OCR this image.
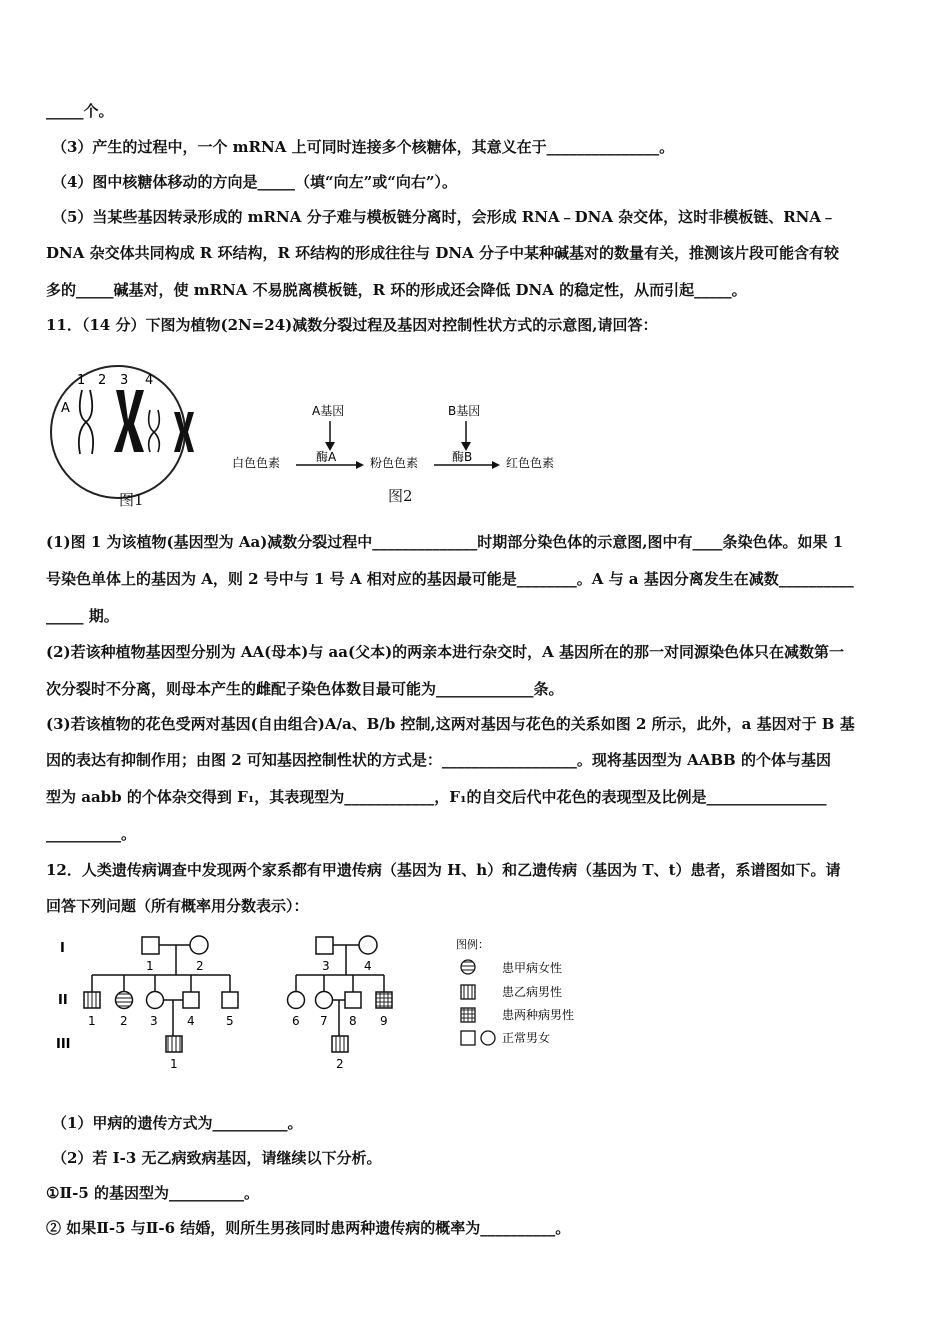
_____个。
（3）产生的过程中，一个 mRNA 上可同时连接多个核糖体，其意义在于_______________。
（4）图中核糖体移动的方向是_____（填“向左”或“向右”）。
（5）当某些基因转录形成的 mRNA 分子难与模板链分离时，会形成 RNA﹣DNA 杂交体，这时非模板链、RNA﹣
DNA 杂交体共同构成 R 环结构，R 环结构的形成往往与 DNA 分子中某种碱基对的数量有关，推测该片段可能含有较
多的_____碱基对，使 mRNA 不易脱离模板链，R 环的形成还会降低 DNA 的稳定性，从而引起_____。
11．（14 分）下图为植物(2N=24)减数分裂过程及基因对控制性状方式的示意图,请回答：
A
1 2 3 4
图1
A基因	B基因
白色色素	酶A	粉色色素	酶B	红色色素
图2
(1)图 1 为该植物(基因型为 Aa)减数分裂过程中______________时期部分染色体的示意图,图中有____条染色体。如果 1
号染色单体上的基因为 A，则 2 号中与 1 号 A 相对应的基因最可能是________。A 与 a 基因分离发生在减数__________
_____ 期。
(2)若该种植物基因型分别为 AA(母本)与 aa(父本)的两亲本进行杂交时，A 基因所在的那一对同源染色体只在减数第一
次分裂时不分离，则母本产生的雌配子染色体数目最可能为_____________条。
(3)若该植物的花色受两对基因(自由组合)A/a、B/b 控制,这两对基因与花色的关系如图 2 所示，此外，a 基因对于 B 基
因的表达有抑制作用；由图 2 可知基因控制性状的方式是：__________________。现将基因型为 AABB 的个体与基因
型为 aabb 的个体杂交得到 F₁，其表现型为____________，F₁的自交后代中花色的表现型及比例是________________
__________。
12．人类遗传病调查中发现两个家系都有甲遗传病（基因为 H、h）和乙遗传病（基因为 T、t）患者，系谱图如下。请
回答下列问题（所有概率用分数表示）：
I
II
III
1	2
1 2 3 4	5
1
3	4
6 7 8 9
2
图例：
患甲病女性
患乙病男性
患两种病男性
正常男女
（1）甲病的遗传方式为__________。
（2）若 I-3 无乙病致病基因，请继续以下分析。
①Ⅱ-5 的基因型为__________。
② 如果Ⅱ-5 与Ⅱ-6 结婚，则所生男孩同时患两种遗传病的概率为__________。
